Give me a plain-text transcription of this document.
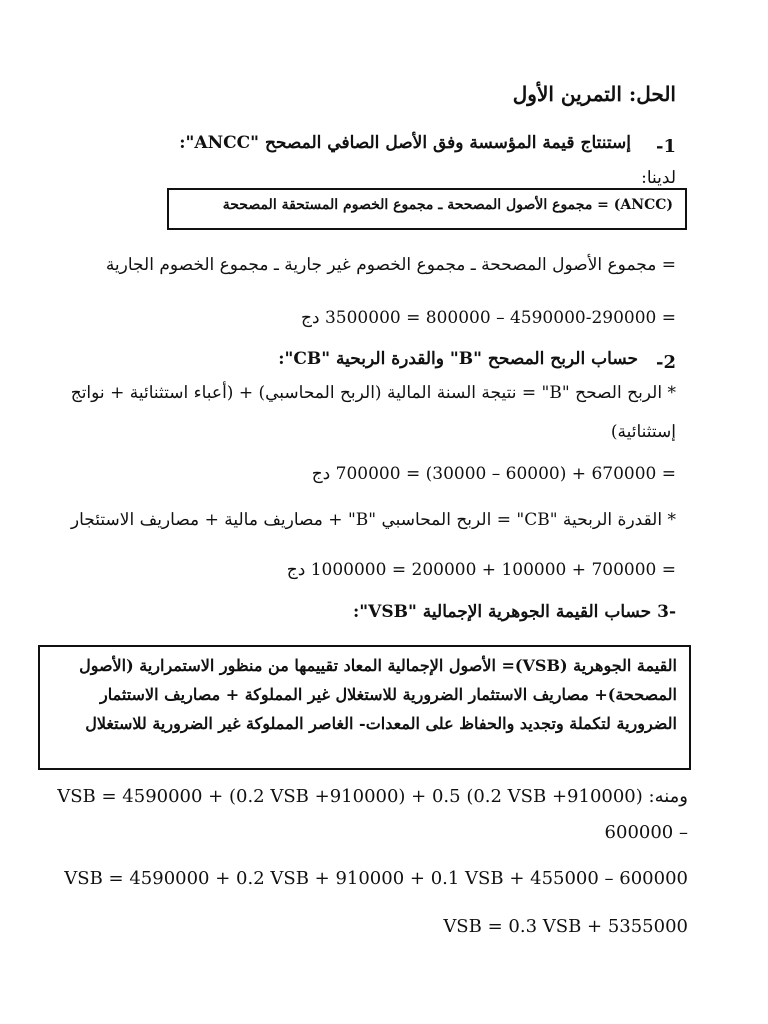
الحل: التمرين الأول
-1
إستنتاج قيمة المؤسسة وفق الأصل الصافي المصحح "ANCC":
لدينا:
(ANCC) = مجموع الأصول المصححة ـ مجموع الخصوم المستحقة المصححة
= مجموع الأصول المصححة ـ مجموع الخصوم غير جارية ـ مجموع الخصوم الجارية
= 4590000-290000 – 800000 = 3500000 دج
-2
حساب الربح المصحح "B" والقدرة الربحية "CB":
* الربح الصحح "B" = نتيجة السنة المالية (الربح المحاسبي) + (أعباء استثنائية + نواتج
إستثنائية)
= 670000 + (60000 – 30000) = 700000 دج
* القدرة الربحية "CB" = الربح المحاسبي "B" + مصاريف مالية + مصاريف الاستئجار
= 700000 + 100000 + 200000 = 1000000 دج
-3 حساب القيمة الجوهرية الإجمالية "VSB":
القيمة الجوهرية (VSB)= الأصول الإجمالية المعاد تقييمها من منظور الاستمرارية (الأصول
المصححة)+ مصاريف الاستثمار الضرورية للاستغلال غير المملوكة + مصاريف الاستثمار
الضرورية لتكملة وتجديد والحفاظ على المعدات- الغاصر المملوكة غير الضرورية للاستغلال
ومنه: VSB = 4590000 + (0.2 VSB +910000) + 0.5 (0.2 VSB +910000)
– 600000
VSB = 4590000 + 0.2 VSB + 910000 + 0.1 VSB + 455000 – 600000
VSB = 0.3 VSB + 5355000
